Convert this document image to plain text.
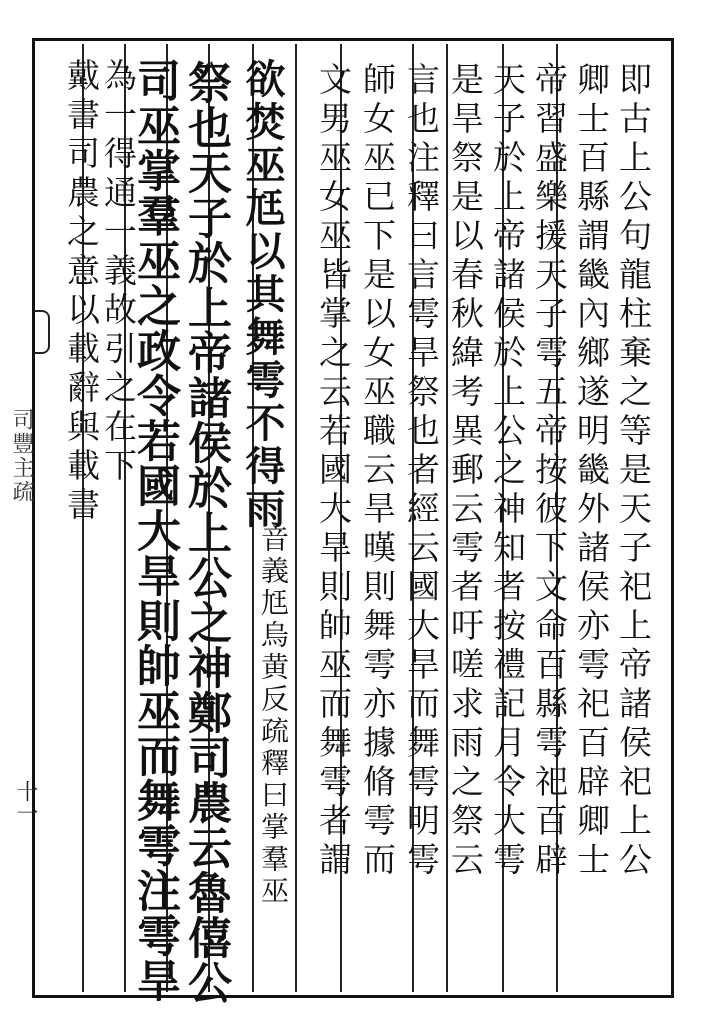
司豐主疏
十一
戴書司農之意以載辭與載書
為一得通一義故引之在下
司巫掌羣巫之政令若國大旱則帥巫而舞雩注雩旱 祭也天子於上帝諸侯於上公之神鄭司農云魯僖公 欲焚巫尪以其舞雩不得雨
音義尪烏黄反疏釋曰掌羣巫 文男巫女巫皆掌之云若國大旱則帥巫而舞雩者謂 師女巫已下是以女巫職云旱暵則舞雩亦據脩雩而 言也注釋曰言雩旱祭也者經云國大旱而舞雩明雩 是旱祭是以春秋緯考異郵云雩者吁嗟求雨之祭云 天子於上帝諸侯於上公之神知者按禮記月令大雩 帝習盛樂援天子雩五帝按彼下文命百縣雩祀百辟 卿士百縣謂畿內鄉遂明畿外諸侯亦雩祀百辟卿士 即古上公句龍柱棄之等是天子祀上帝諸侯祀上公
